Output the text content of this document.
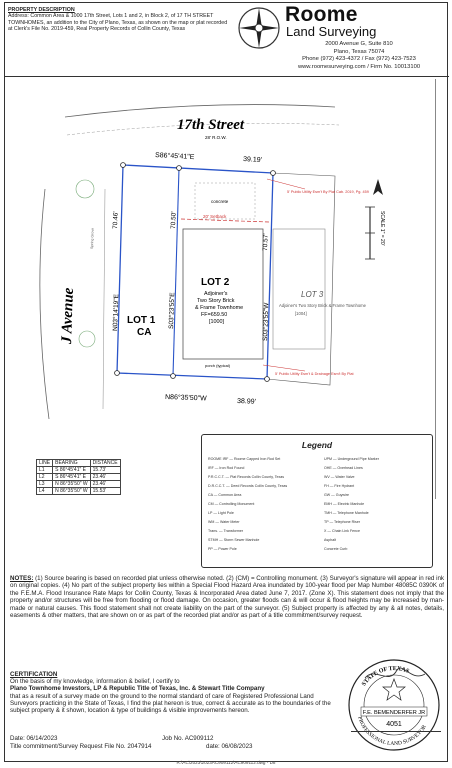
PROPERTY DESCRIPTION
Address: Common Area & 1000 17th Street, Lots 1 and 2, in Block 2, of 17 TH STREET TOWNHOMES, an addition to the City of Plano, Texas, as shown on the map or plat recorded at Clerk's File No. 2019-459, Real Property Records of Collin County, Texas
Roome
Land Surveying
2000 Avenue G, Suite 810
Plano, Texas 75074
Phone (972) 423-4372 / Fax (972) 423-7523
www.roomesurveying.com / Firm No. 10013100
17th Street
28' R.O.W.
J Avenue
S86°45'41"E	39.19'
N86°35'50"W	38.99'
N03°14'19"E
70.46'
S03°23'55"E
70.50'
S03°23'55"W
70.57'
LOT 1
CA
LOT 2
Adjoiner's
Two Story Brick
& Frame Townhome
FF=659.50
[1000]
LOT 3
Adjoiner's Two Story Brick & Frame Townhome
[1004]
SCALE 1" = 20'
20' Setback
concrete
5' Public Utility Esm't By Plat Cab. 2019, Pg. 459
5' Public Utility Esm't & Drainage Esm't By Plat
porch (typical)
Spring Grove
LINE	BEARING	DISTANCE
L1	S 86°45'41" E	15.73'
L2	S 86°45'41" E	23.46'
L3	N 86°35'50" W	23.46'
L4	N 86°35'50" W	15.53'
Legend
ROOME IRF — Roome Capped Iron Rod Set
IRF — Iron Rod Found
P.R.C.C.T. — Plat Records Collin County, Texas
D.R.C.C.T. — Deed Records Collin County, Texas
CA — Common Area
CM — Controlling Monument
LP — Light Pole
WM — Water Meter
Trans. — Transformer
STMH — Storm Sewer Manhole
PP — Power Pole
UPM — Underground Pipe Marker
OHE — Overhead Lines
WV — Water Valve
FH — Fire Hydrant
GW — Guywire
EMH — Electric Manhole
TMH — Telephone Manhole
TP — Telephone Riser
X — Chain Link Fence
Asphalt
Concrete Curb
NOTES: (1) Source bearing is based on recorded plat unless otherwise noted. (2) (CM) = Controlling monument. (3) Surveyor's signature will appear in red ink on original copies. (4) No part of the subject property lies within a Special Flood Hazard Area inundated by 100-year flood per Map Number 48085C 0390K of the F.E.M.A. Flood Insurance Rate Maps for Collin County, Texas & Incorporated Area dated June 7, 2017. (Zone X). This statement does not imply that the property and/or structures will be free from flooding or flood damage. On occasion, greater floods can & will occur & flood heights may be increased by man-made or natural causes. This flood statement shall not create liability on the part of the surveyor. (5) Subject property is affected by any & all notes, details, easements & other matters, that are shown on or as part of the recorded plat and/or as part of a title commitment/survey request.
CERTIFICATION
On the basis of my knowledge, information & belief, I certify to
Plano Townhome Investors, LP & Republic Title of Texas, Inc. & Stewart Title Company
that as a result of a survey made on the ground to the normal standard of care of Registered Professional Land Surveyors practicing in the State of Texas, I find the plat hereon is true, correct & accurate as to the boundaries of the subject property & it shown, location & type of buildings & visible improvements hereon.
Date: 06/14/2023	Job No. AC909112
Title commitment/Survey Request File No. 2047914	date: 06/08/2023
STATE OF TEXAS
PROFESSIONAL LAND SURVEYOR
F.E. BEMENDERFER JR
4051
R:\AC\2023\2023AC909112\AC909112.dwg - D8
